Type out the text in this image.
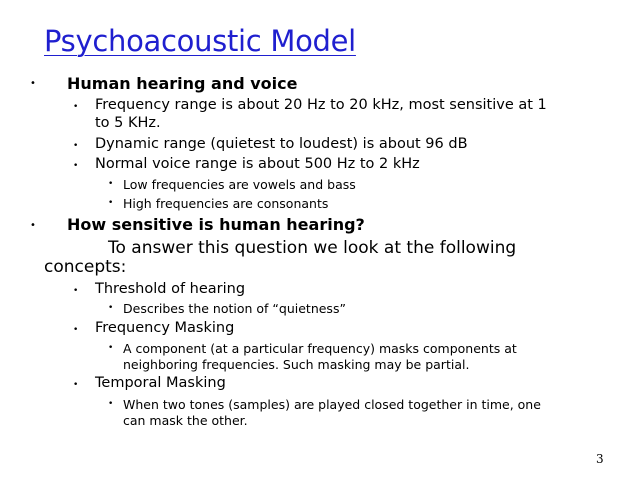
Psychoacoustic Model
• Human hearing and voice
• Frequency range is about 20 Hz to 20 kHz, most sensitive at 1
to 5 KHz.
• Dynamic range (quietest to loudest) is about 96 dB
• Normal voice range is about 500 Hz to 2 kHz
• Low frequencies are vowels and bass
• High frequencies are consonants
• How sensitive is human hearing?
To answer this question we look at the following
concepts:
• Threshold of hearing
• Describes the notion of “quietness”
• Frequency Masking
• A component (at a particular frequency) masks components at
neighboring frequencies. Such masking may be partial.
• Temporal Masking
• When two tones (samples) are played closed together in time, one
can mask the other.
3
